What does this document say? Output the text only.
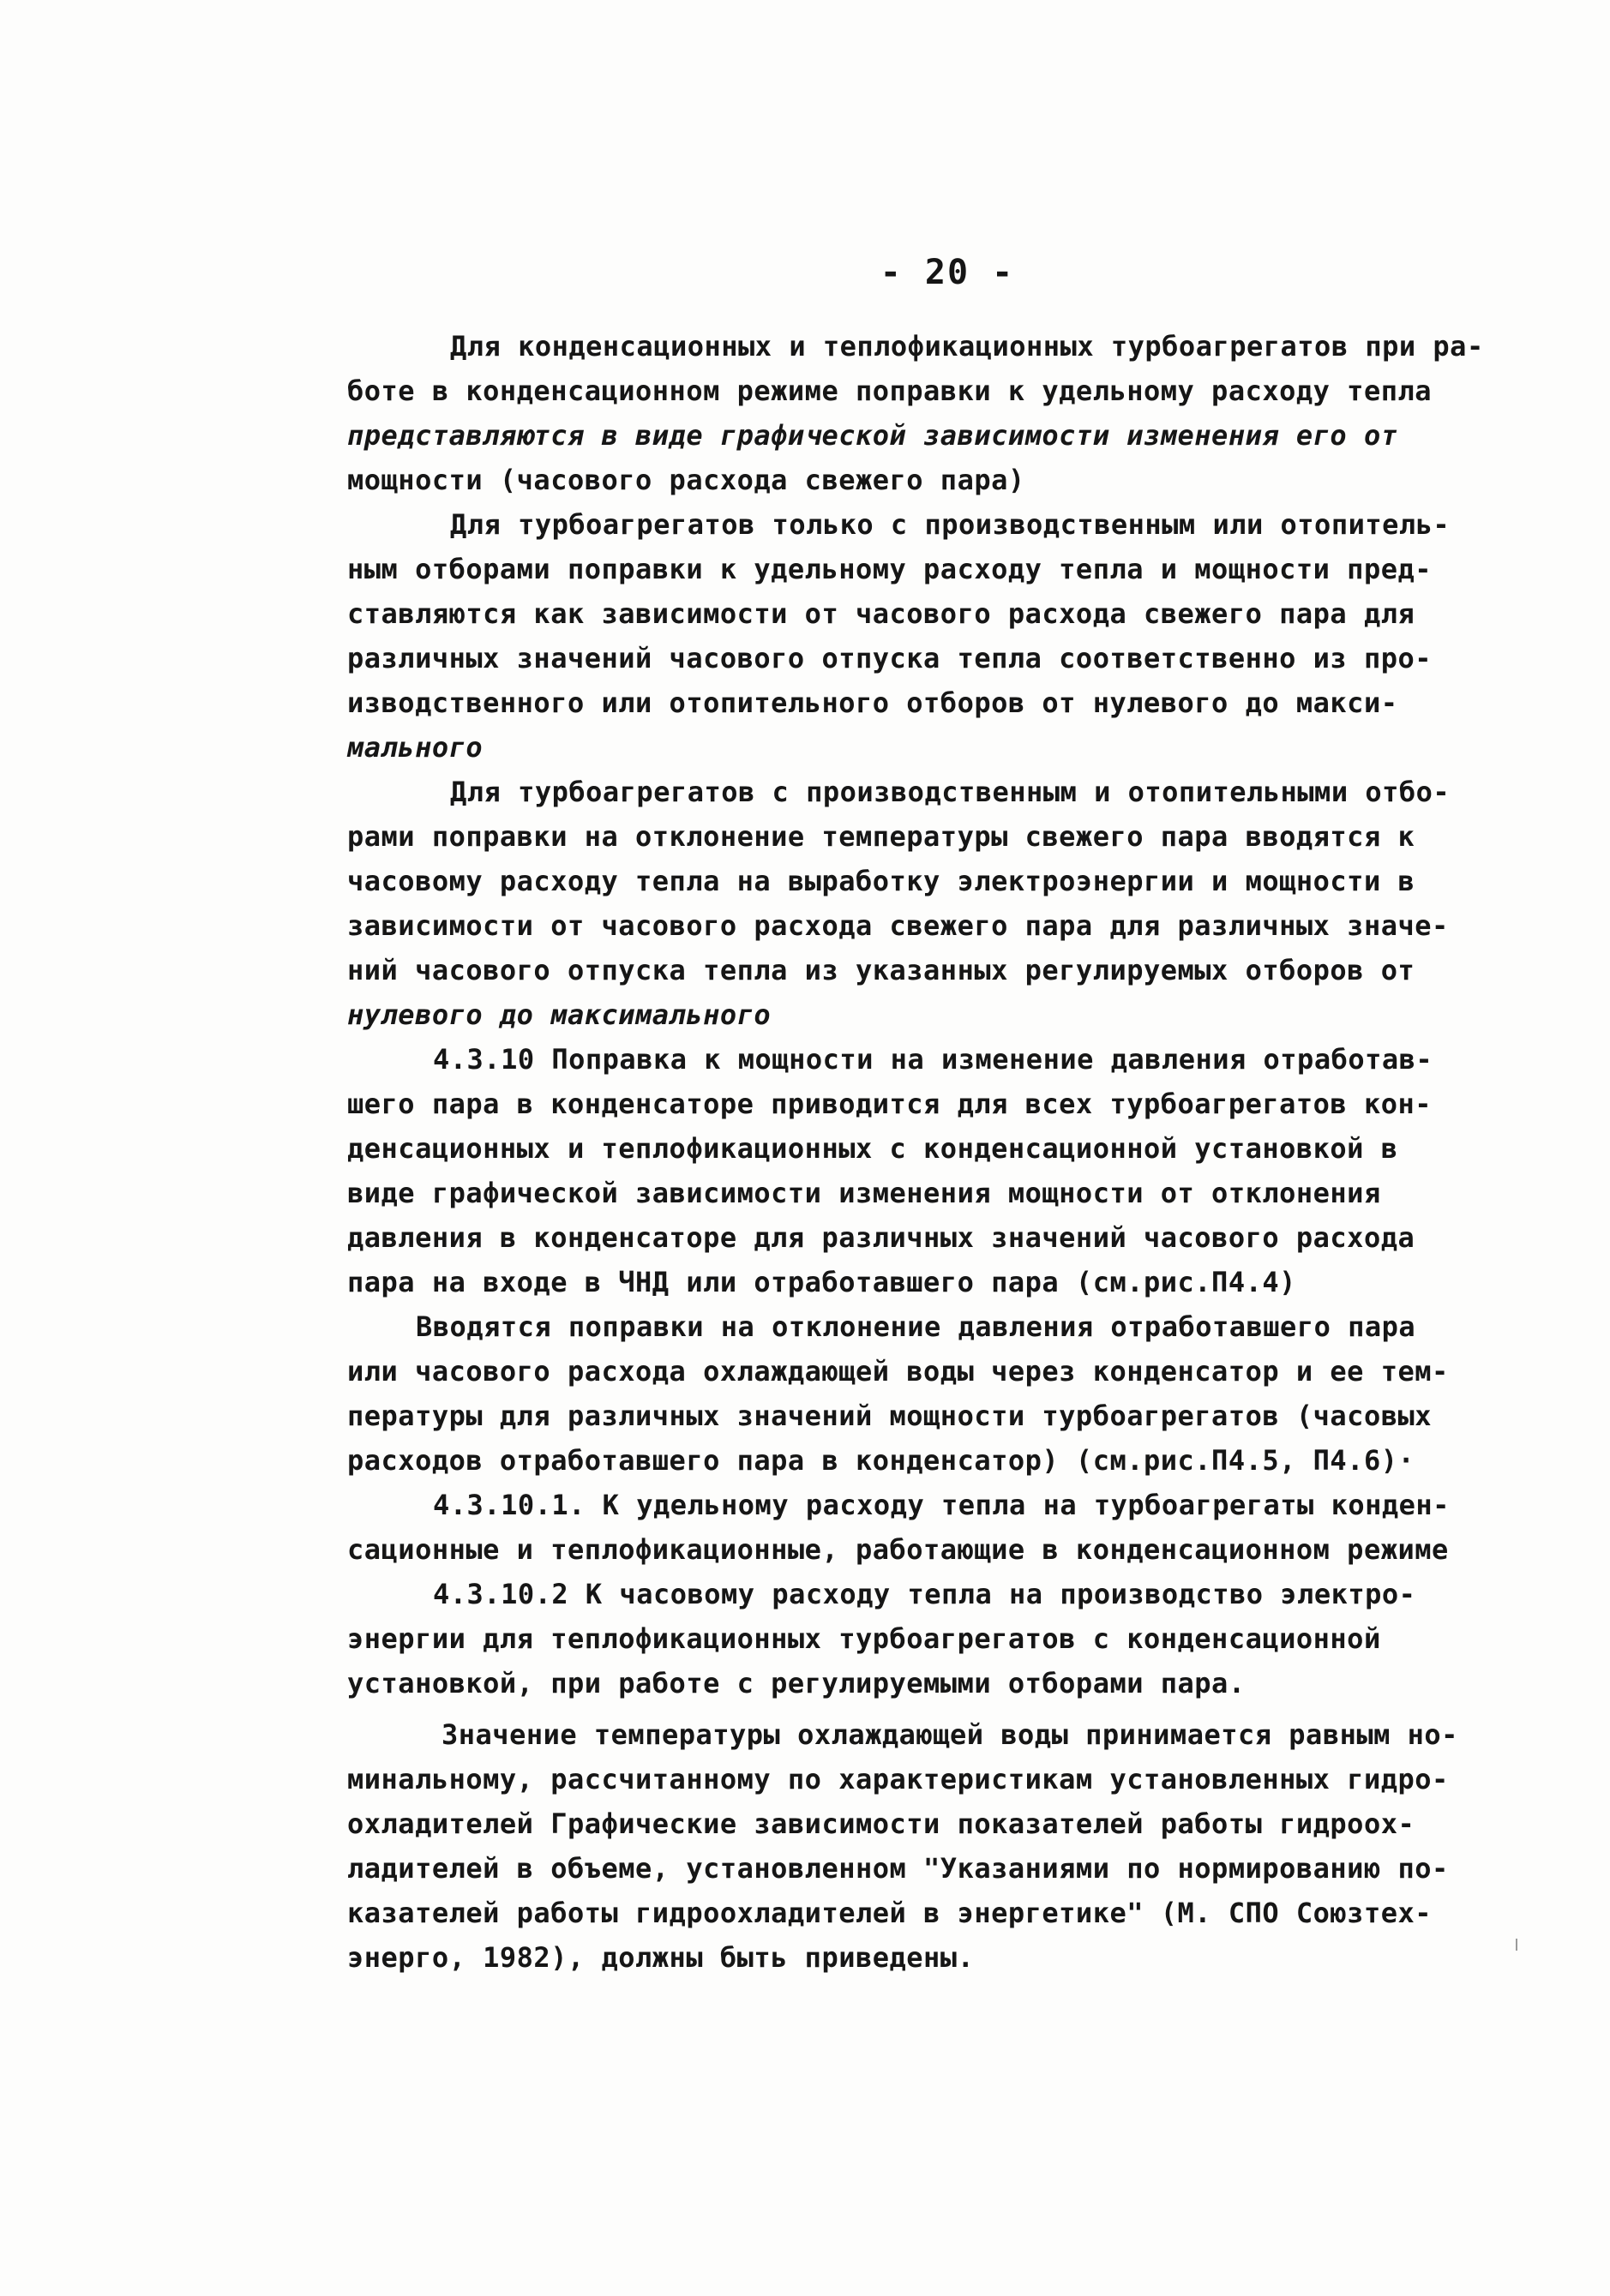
- 20 -
Для конденсационных и теплофикационных турбоагрегатов при ра-
боте в конденсационном режиме поправки к удельному расходу тепла
представляются в виде графической зависимости изменения его от
мощности (часового расхода свежего пара)
Для турбоагрегатов только с производственным или отопитель-
ным отборами поправки к удельному расходу тепла и мощности пред-
ставляются как зависимости от часового расхода свежего пара для
различных значений часового отпуска тепла соответственно из про-
изводственного или отопительного отборов от нулевого до макси-
мального
Для турбоагрегатов с производственным и отопительными отбо-
рами поправки на отклонение температуры свежего пара вводятся к
часовому расходу тепла на выработку электроэнергии и мощности в
зависимости от часового расхода свежего пара для различных значе-
ний часового отпуска тепла из указанных регулируемых отборов от
нулевого до максимального
4.3.10 Поправка к мощности на изменение давления отработав-
шего пара в конденсаторе приводится для всех турбоагрегатов кон-
денсационных и теплофикационных с конденсационной установкой в
виде графической зависимости изменения мощности от отклонения
давления в конденсаторе для различных значений часового расхода
пара на входе в ЧНД или отработавшего пара (см.рис.П4.4)
Вводятся поправки на отклонение давления отработавшего пара
или часового расхода охлаждающей воды через конденсатор и ее тем-
пературы для различных значений мощности турбоагрегатов (часовых
расходов отработавшего пара в конденсатор) (см.рис.П4.5, П4.6)·
4.3.10.1. К удельному расходу тепла на турбоагрегаты конден-
сационные и теплофикационные, работающие в конденсационном режиме
4.3.10.2 К часовому расходу тепла на производство электро-
энергии для теплофикационных турбоагрегатов с конденсационной
установкой, при работе с регулируемыми отборами пара.
Значение температуры охлаждающей воды принимается равным но-
минальному, рассчитанному по характеристикам установленных гидро-
охладителей Графические зависимости показателей работы гидроох-
ладителей в объеме, установленном "Указаниями по нормированию по-
казателей работы гидроохладителей в энергетике" (М. СПО Союзтех-
энерго, 1982), должны быть приведены.
